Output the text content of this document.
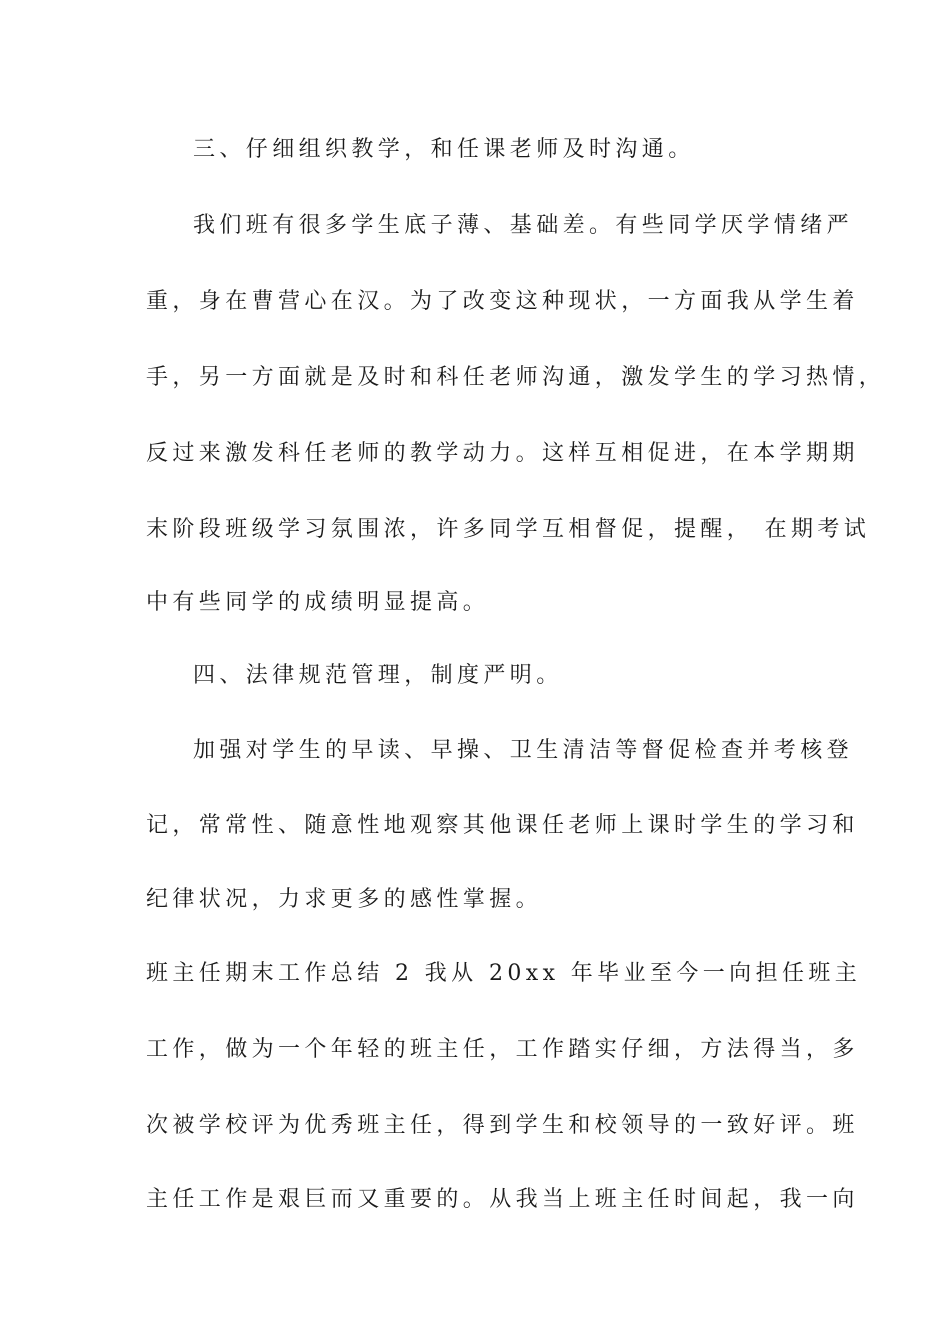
三、仔细组织教学，和任课老师及时沟通。
我们班有很多学生底子薄、基础差。有些同学厌学情绪严
重，身在曹营心在汉。为了改变这种现状，一方面我从学生着
手，另一方面就是及时和科任老师沟通，激发学生的学习热情，
反过来激发科任老师的教学动力。这样互相促进，在本学期期
末阶段班级学习氛围浓，许多同学互相督促，提醒， 在期考试
中有些同学的成绩明显提高。
四、法律规范管理，制度严明。
加强对学生的早读、早操、卫生清洁等督促检查并考核登
记，常常性、随意性地观察其他课任老师上课时学生的学习和
纪律状况，力求更多的感性掌握。
班主任期末工作总结 2 我从 20xx 年毕业至今一向担任班主
工作，做为一个年轻的班主任，工作踏实仔细，方法得当，多
次被学校评为优秀班主任，得到学生和校领导的一致好评。班
主任工作是艰巨而又重要的。从我当上班主任时间起，我一向
